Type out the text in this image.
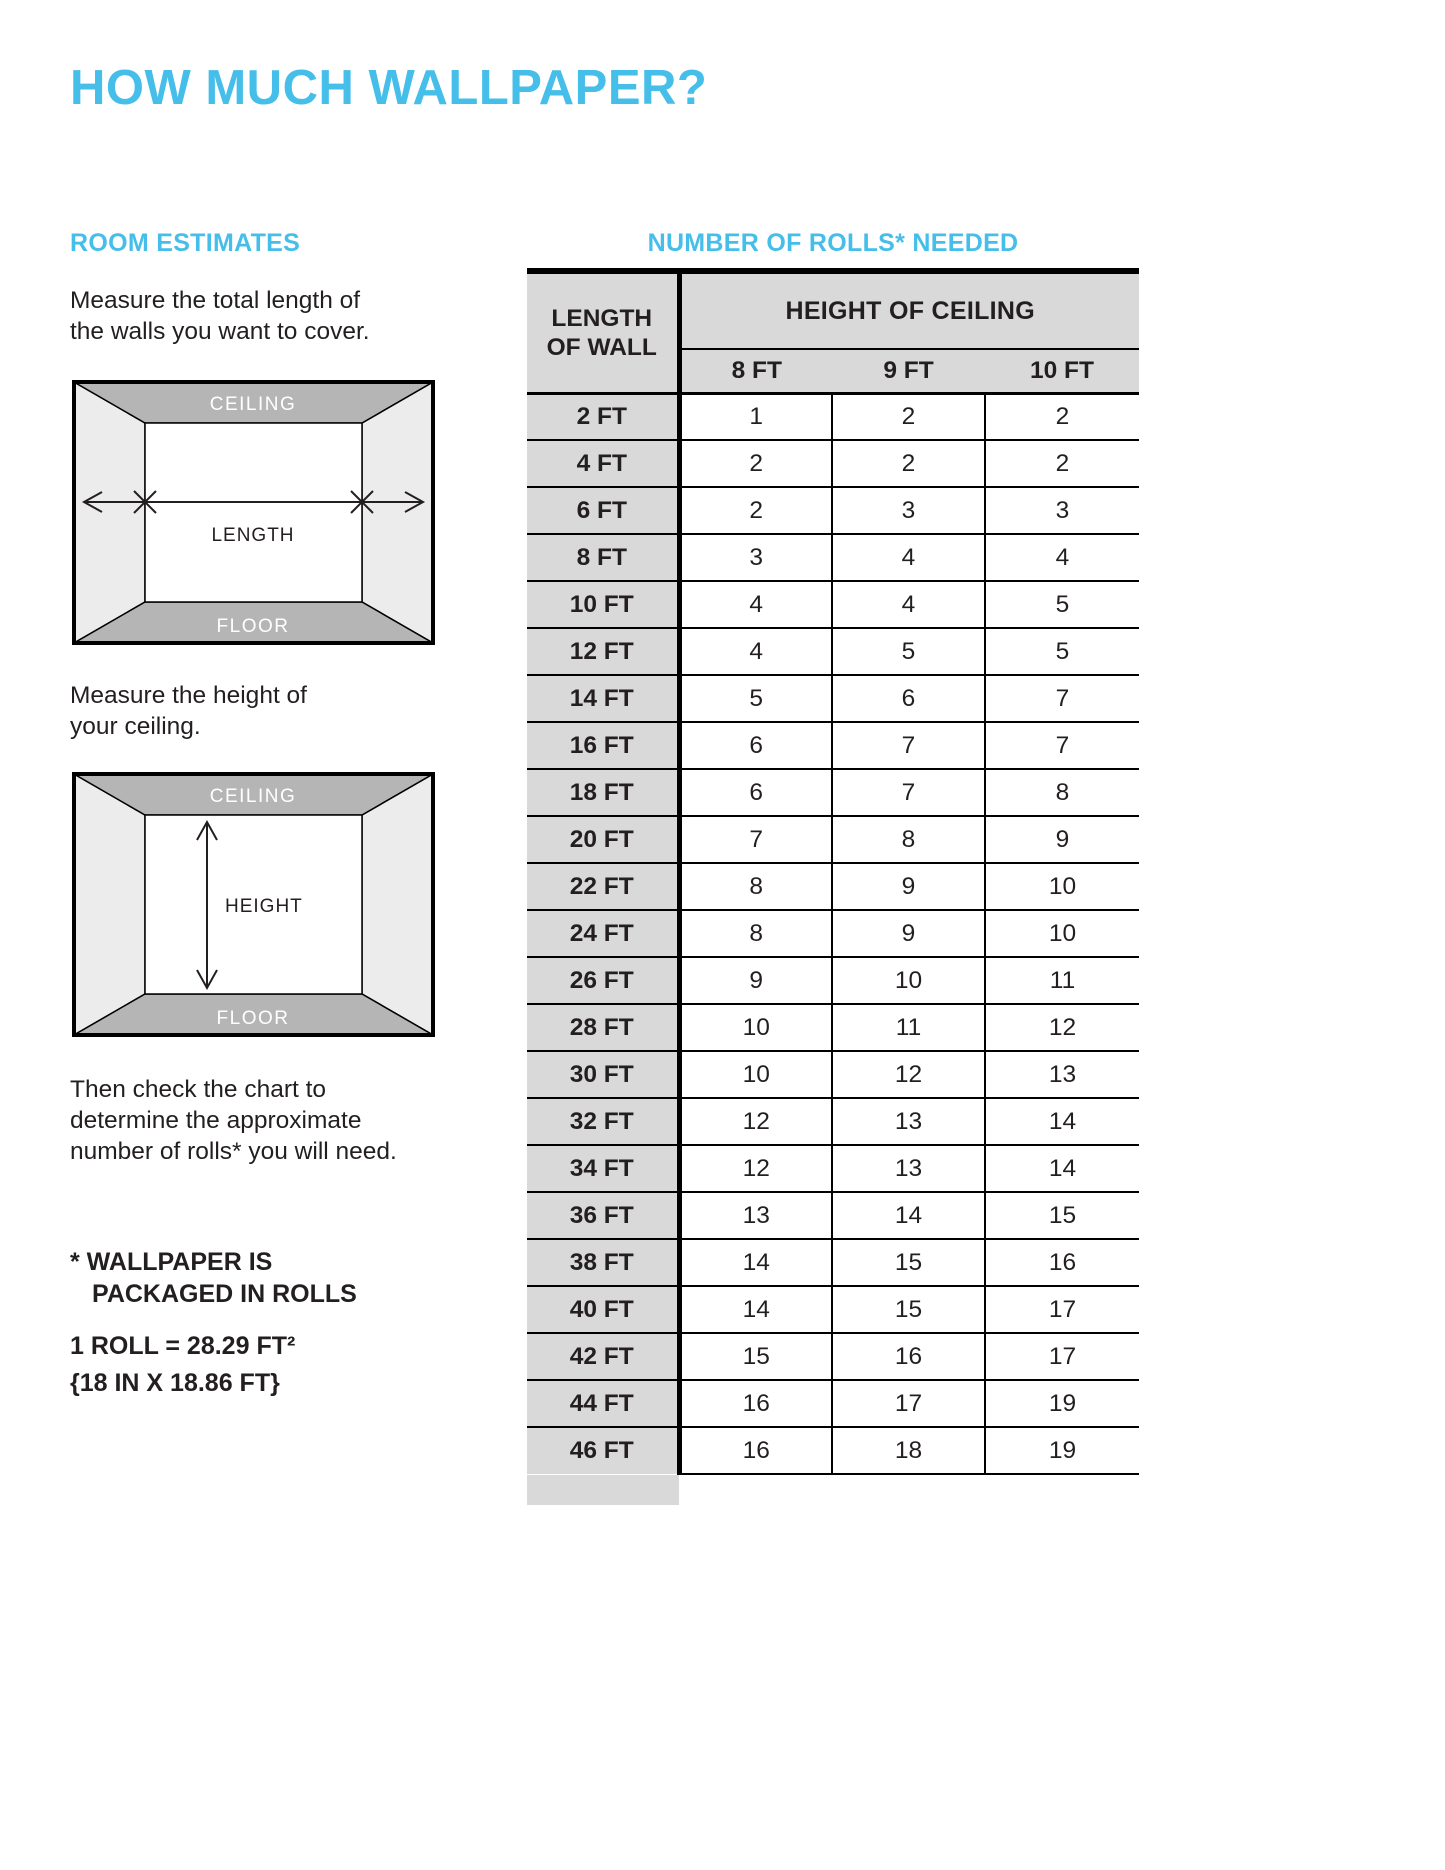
HOW MUCH WALLPAPER?
ROOM ESTIMATES	NUMBER OF ROLLS* NEEDED
Measure the total length of
the walls you want to cover.
CEILING
FLOOR
LENGTH
Measure the height of
your ceiling.
CEILING
FLOOR
HEIGHT
Then check the chart to
determine the approximate
number of rolls* you will need.
* WALLPAPER IS
PACKAGED IN ROLLS
1 ROLL = 28.29 FT²
{18 IN X 18.86 FT}
LENGTH OF WALL	HEIGHT OF CEILING		
	8 FT	9 FT	10 FT
2 FT	1	2	2
4 FT	2	2	2
6 FT	2	3	3
8 FT	3	4	4
10 FT	4	4	5
12 FT	4	5	5
14 FT	5	6	7
16 FT	6	7	7
18 FT	6	7	8
20 FT	7	8	9
22 FT	8	9	10
24 FT	8	9	10
26 FT	9	10	11
28 FT	10	11	12
30 FT	10	12	13
32 FT	12	13	14
34 FT	12	13	14
36 FT	13	14	15
38 FT	14	15	16
40 FT	14	15	17
42 FT	15	16	17
44 FT	16	17	19
46 FT	16	18	19
